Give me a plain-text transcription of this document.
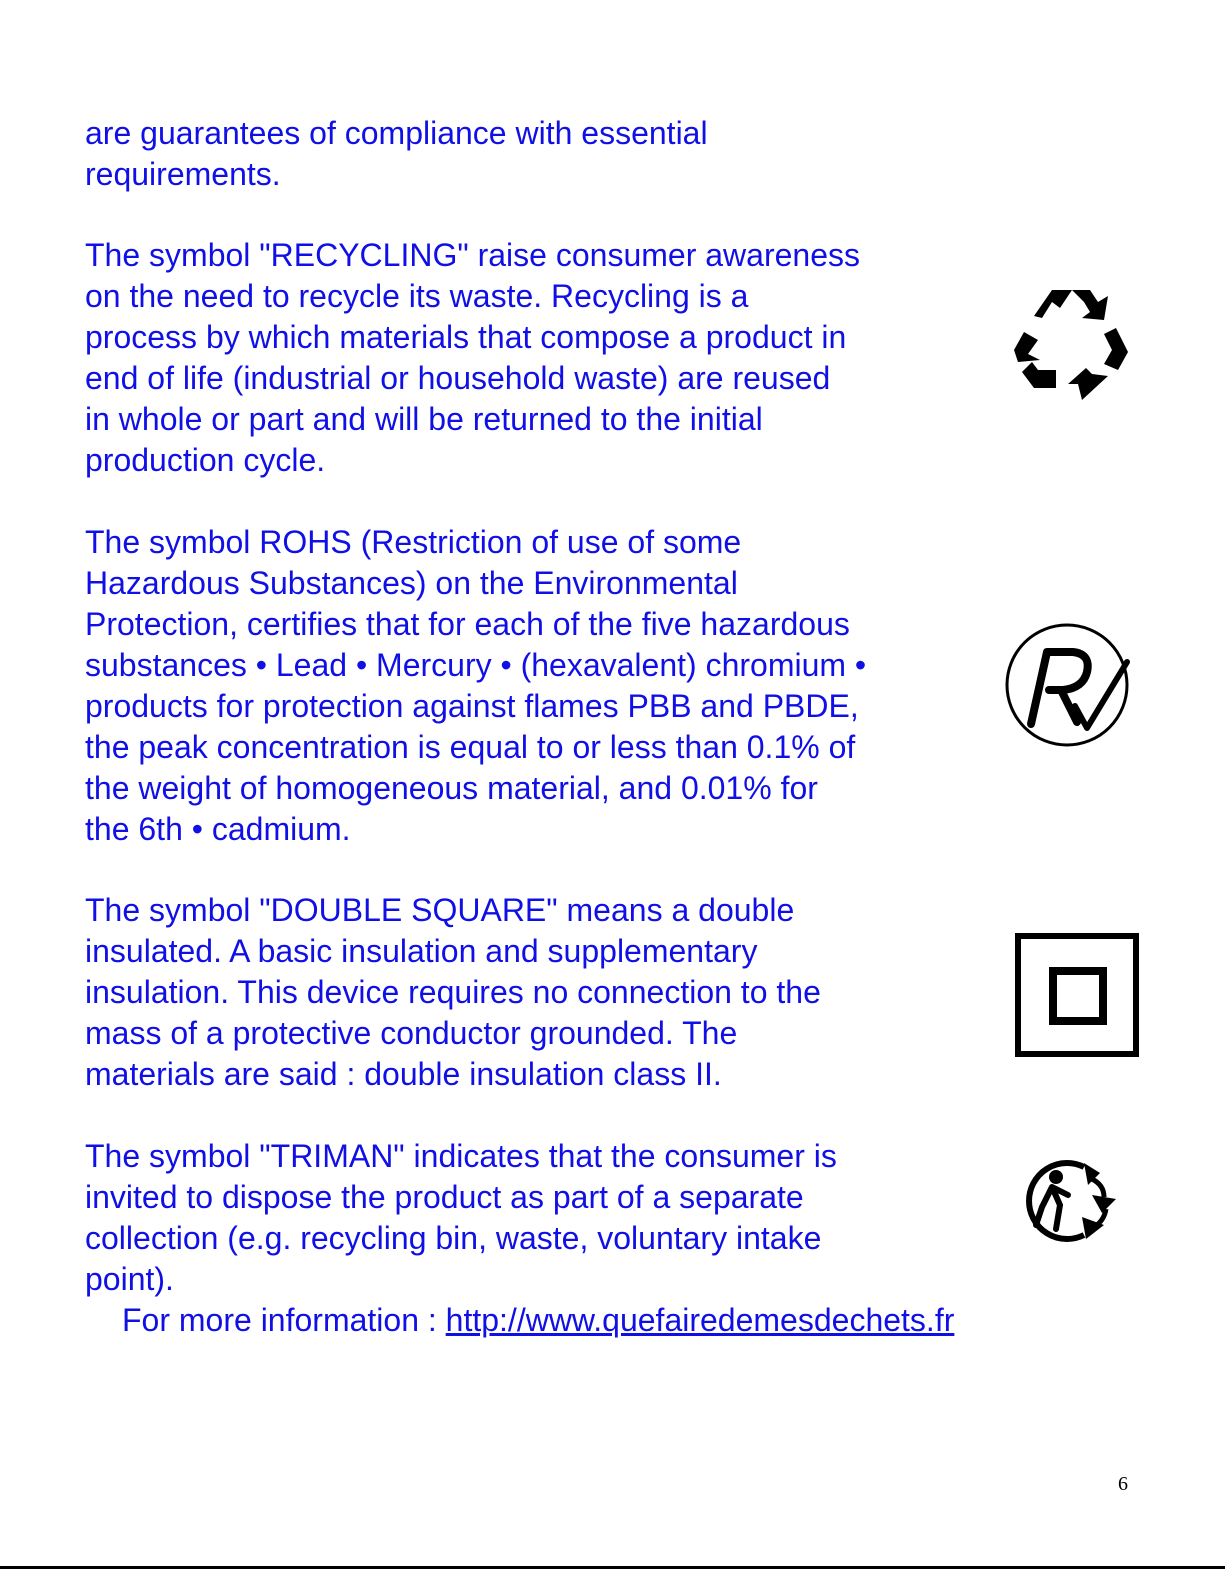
are guarantees of compliance with essential
requirements.

The symbol "RECYCLING" raise consumer awareness
on the need to recycle its waste. Recycling is a
process by which materials that compose a product in
end of life (industrial or household waste) are reused
in whole or part and will be returned to the initial
production cycle.

The symbol ROHS (Restriction of use of some
Hazardous Substances) on the Environmental
Protection, certifies that for each of the five hazardous
substances • Lead • Mercury • (hexavalent) chromium •
products for protection against flames PBB and PBDE,
the peak concentration is equal to or less than 0.1% of
the weight of homogeneous material, and 0.01% for
the 6th • cadmium.

The symbol "DOUBLE SQUARE" means a double
insulated. A basic insulation and supplementary
insulation. This device requires no connection to the
mass of a protective conductor grounded. The
materials are said : double insulation class II.

The symbol "TRIMAN" indicates that the consumer is
invited to dispose the product as part of a separate
collection (e.g. recycling bin, waste, voluntary intake
point).

For more information : http://www.quefairedemesdechets.fr

6
